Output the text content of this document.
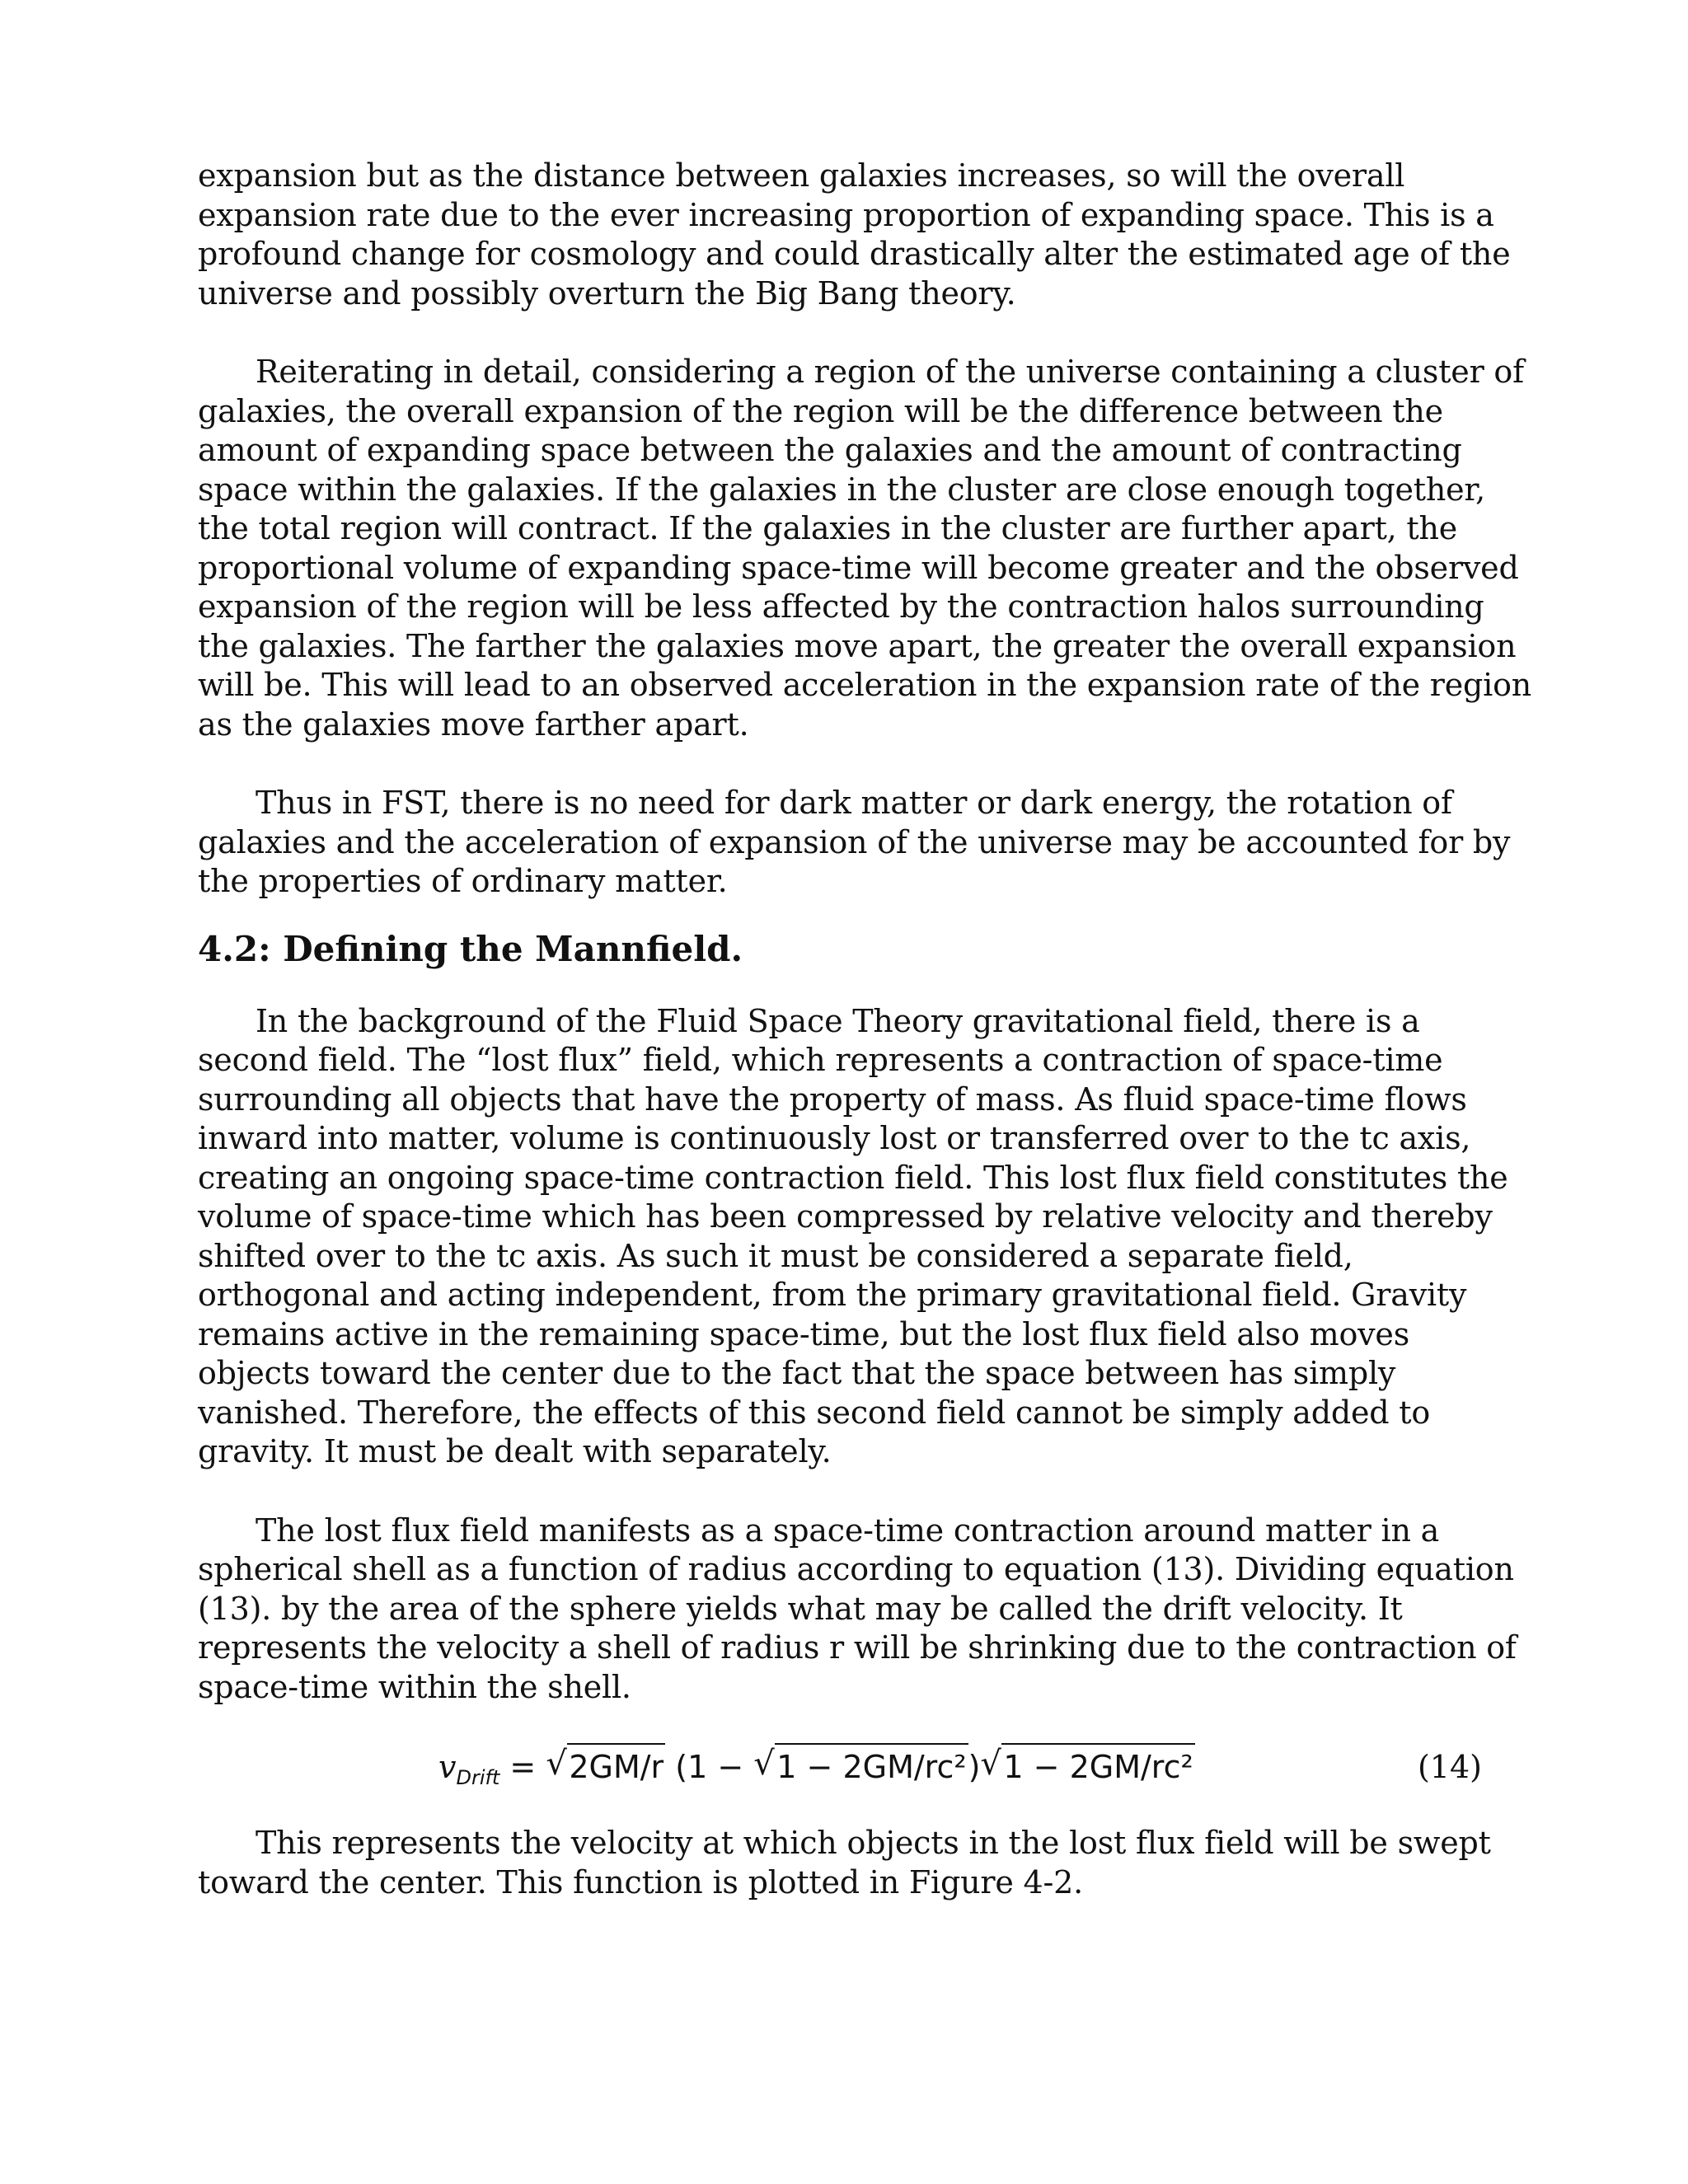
expansion but as the distance between galaxies increases, so will the overall
expansion rate due to the ever increasing proportion of expanding space. This is a
profound change for cosmology and could drastically alter the estimated age of the
universe and possibly overturn the Big Bang theory.

Reiterating in detail, considering a region of the universe containing a cluster of
galaxies, the overall expansion of the region will be the difference between the
amount of expanding space between the galaxies and the amount of contracting
space within the galaxies. If the galaxies in the cluster are close enough together,
the total region will contract. If the galaxies in the cluster are further apart, the
proportional volume of expanding space-time will become greater and the observed
expansion of the region will be less affected by the contraction halos surrounding
the galaxies. The farther the galaxies move apart, the greater the overall expansion
will be. This will lead to an observed acceleration in the expansion rate of the region
as the galaxies move farther apart.

Thus in FST, there is no need for dark matter or dark energy, the rotation of
galaxies and the acceleration of expansion of the universe may be accounted for by
the properties of ordinary matter.

4.2: Defining the Mannfield.

In the background of the Fluid Space Theory gravitational field, there is a
second field. The “lost flux” field, which represents a contraction of space-time
surrounding all objects that have the property of mass. As fluid space-time flows
inward into matter, volume is continuously lost or transferred over to the tc axis,
creating an ongoing space-time contraction field. This lost flux field constitutes the
volume of space-time which has been compressed by relative velocity and thereby
shifted over to the tc axis. As such it must be considered a separate field,
orthogonal and acting independent, from the primary gravitational field. Gravity
remains active in the remaining space-time, but the lost flux field also moves
objects toward the center due to the fact that the space between has simply
vanished. Therefore, the effects of this second field cannot be simply added to
gravity. It must be dealt with separately.

The lost flux field manifests as a space-time contraction around matter in a
spherical shell as a function of radius according to equation (13). Dividing equation
(13). by the area of the sphere yields what may be called the drift velocity. It
represents the velocity a shell of radius r will be shrinking due to the contraction of
space-time within the shell.

$v_{Drift}$ = √ 2GM/r (1 − √ 1 − 2GM/rc²)√ 1 − 2GM/rc²	(14)

This represents the velocity at which objects in the lost flux field will be swept
toward the center. This function is plotted in Figure 4-2.
